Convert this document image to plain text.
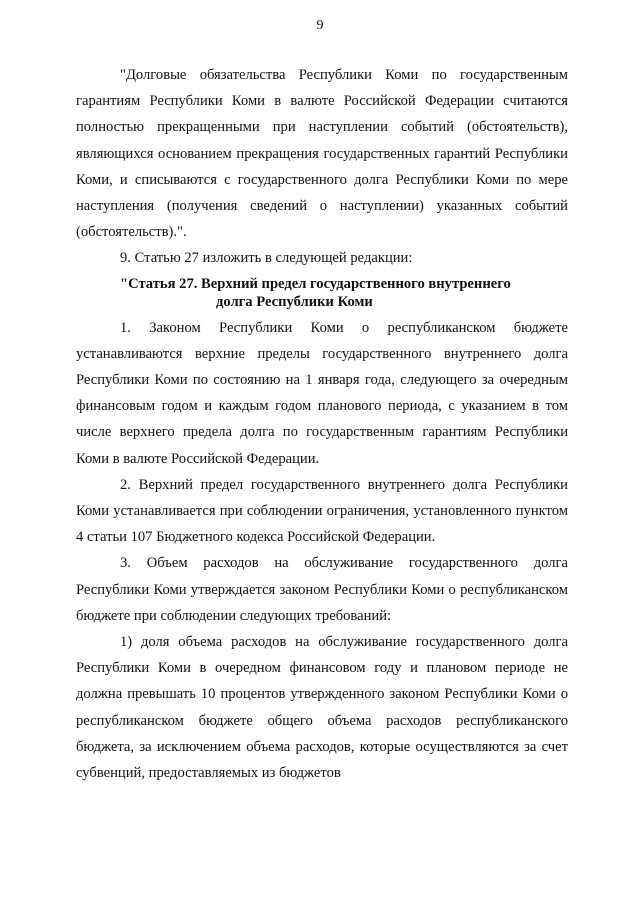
9

"Долговые обязательства Республики Коми по государственным гарантиям Республики Коми в валюте Российской Федерации считаются полностью прекращенными при наступлении событий (обстоятельств), являющихся основанием прекращения государственных гарантий Республики Коми, и списываются с государственного долга Республики Коми по мере наступления (получения сведений о наступлении) указанных событий (обстоятельств).".

9. Статью 27 изложить в следующей редакции:

"Статья 27. Верхний предел государственного внутреннего
долга Республики Коми

1. Законом Республики Коми о республиканском бюджете устанавливаются верхние пределы государственного внутреннего долга Республики Коми по состоянию на 1 января года, следующего за очередным финансовым годом и каждым годом планового периода, с указанием в том числе верхнего предела долга по государственным гарантиям Республики Коми в валюте Российской Федерации.

2. Верхний предел государственного внутреннего долга Республики Коми устанавливается при соблюдении ограничения, установленного пунктом 4 статьи 107 Бюджетного кодекса Российской Федерации.

3. Объем расходов на обслуживание государственного долга Республики Коми утверждается законом Республики Коми о республиканском бюджете при соблюдении следующих требований:

1) доля объема расходов на обслуживание государственного долга Республики Коми в очередном финансовом году и плановом периоде не должна превышать 10 процентов утвержденного законом Республики Коми о республиканском бюджете общего объема расходов республиканского бюджета, за исключением объема расходов, которые осуществляются за счет субвенций, предоставляемых из бюджетов
